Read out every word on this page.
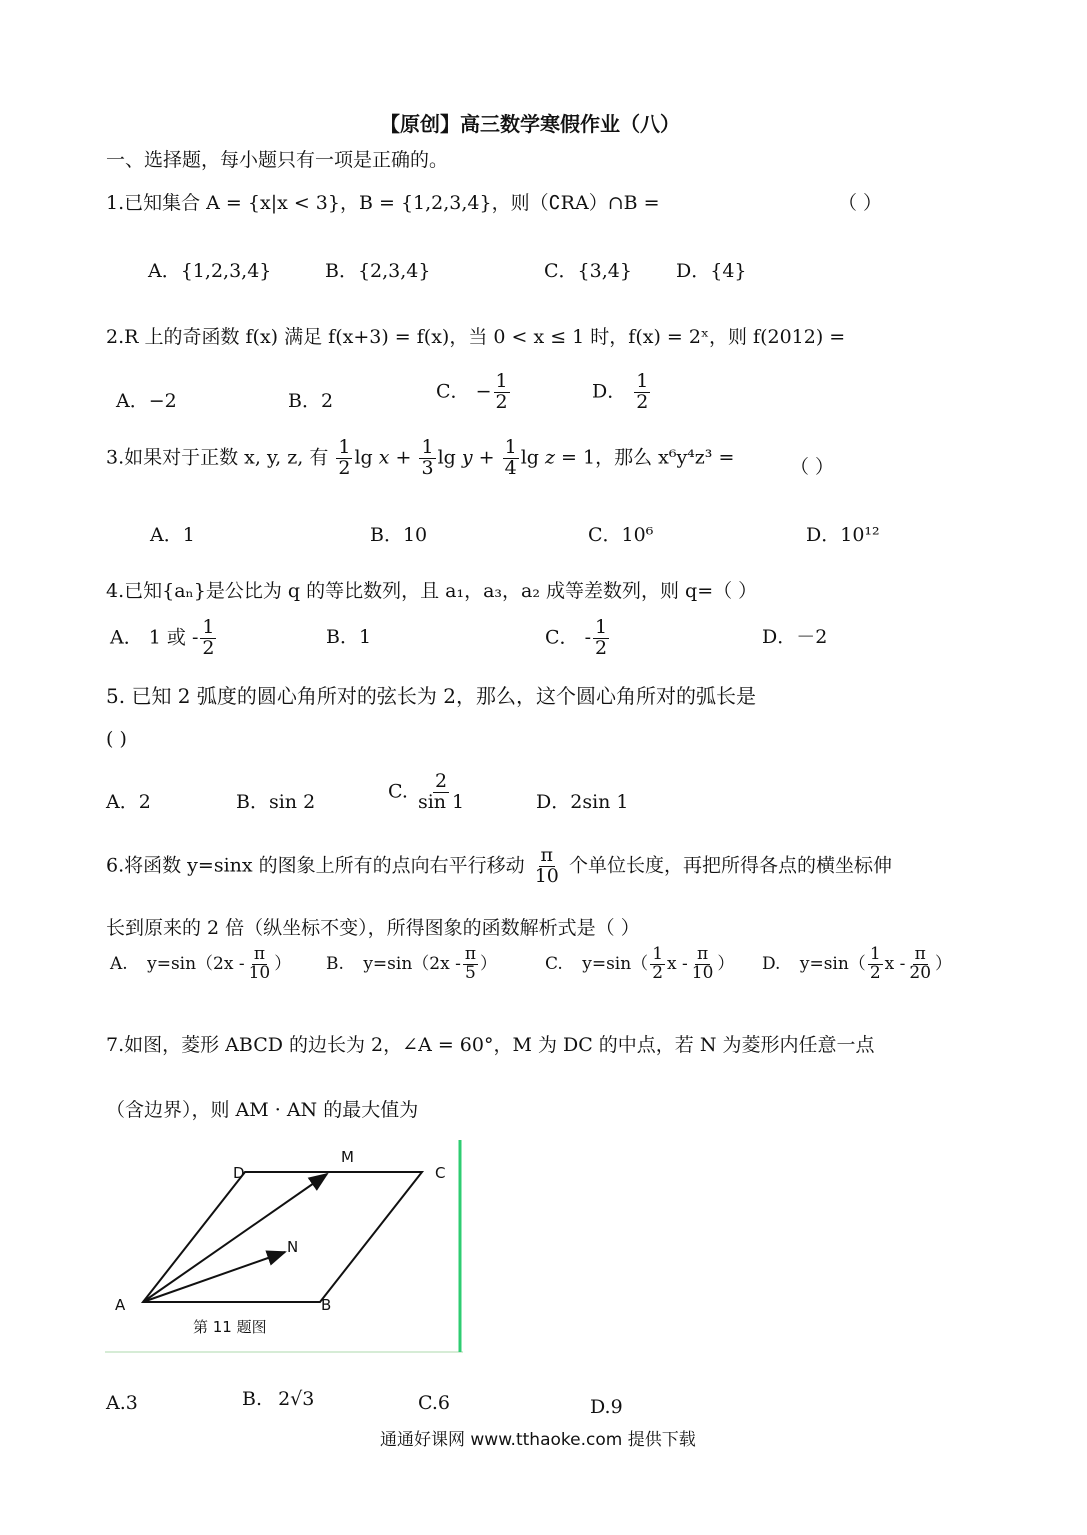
【原创】高三数学寒假作业（八）
一、选择题，每小题只有一项是正确的。
1.已知集合 A = {x|x < 3}，B = {1,2,3,4}，则（∁RA）∩B =	（ ）
A．{1,2,3,4}	B．{2,3,4}	C．{3,4} D．{4}
2.R 上的奇函数 f(x) 满足 f(x+3) = f(x)，当 0 < x ≤ 1 时，f(x) = 2ˣ，则 f(2012) =
A．−2	B．2	C． − $\frac{1}{2}$	D． $\frac{1}{2}$
3.如果对于正数 x, y, z, 有 $\frac{1}{2}$ $\lg x + \frac{1}{3}$ $\lg y + \frac{1}{4}$ lg z = 1，那么 x⁶y⁴z³ =	（ ）
A．1	B．10	C．10⁶	D．10¹²
4.已知{aₙ}是公比为 q 的等比数列，且 a₁，a₃，a₂ 成等差数列，则 q=（ ）
A． 1 或 - $\frac{1}{2}$	B．1	C． - $\frac{1}{2}$	D．－2
5. 已知 2 弧度的圆心角所对的弦长为 2，那么，这个圆心角所对的弧长是
( )
A．2	B．sin 2	C. $\frac{2}{\sin 1}$	D．2sin 1
6.将函数 y=sinx 的图象上所有的点向右平行移动 $\frac{\pi}{10}$ 个单位长度，再把所得各点的横坐标伸
长到原来的 2 倍（纵坐标不变），所得图象的函数解析式是（ ）
A. $y=\sin(2x - \frac{\pi}{10}$ ） B. $y=\sin(2x - \frac{\pi}{5}$ ）	C. $y=\sin( \frac{1}{2}$ x - $\frac{\pi}{10}$ ） D. $y=\sin( \frac{1}{2}$ x - $\frac{\pi}{20}$ ）
7.如图，菱形 ABCD 的边长为 2，∠A = 60°，M 为 DC 的中点，若 N 为菱形内任意一点
（含边界），则 AM · AN 的最大值为
D
M
C
N
A	B
第 11 题图
A.3	B. 2√3	C.6	D.9
通通好课网 www.tthaoke.com 提供下载
